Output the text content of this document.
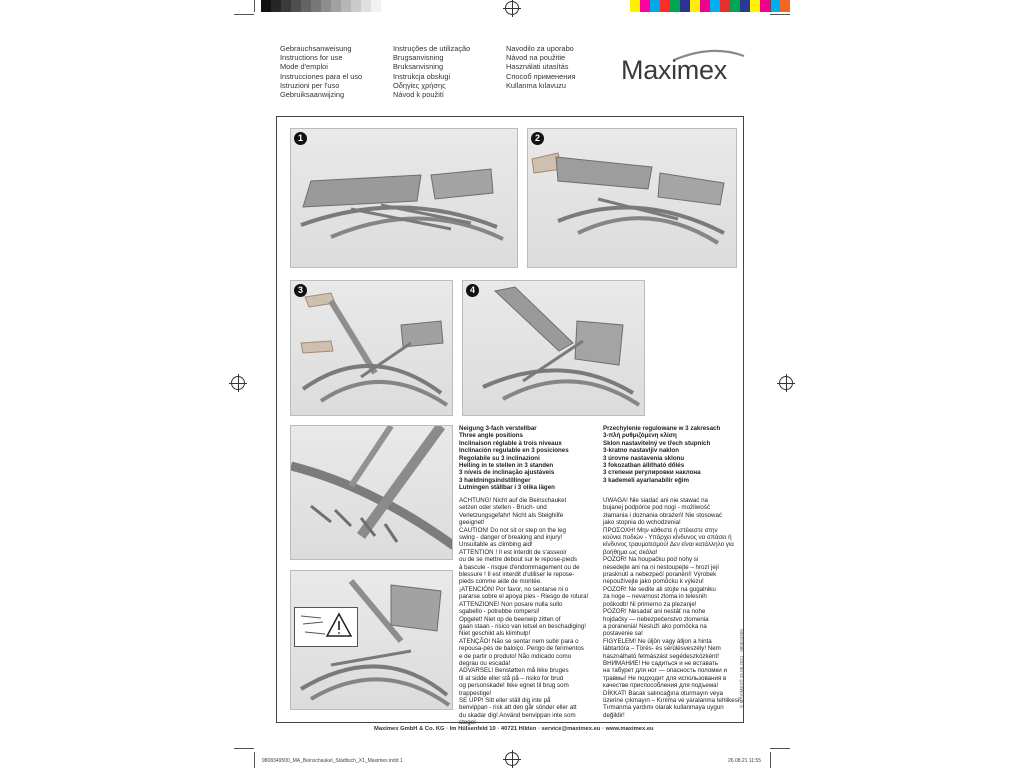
Gebrauchsanweisung
Instructions for use
Mode d'emploi
Instrucciones para el uso
Istruzioni per l'uso
Gebruiksaanwijzing
Instruções de utilização
Brugsanvisning
Bruksanvisning
Instrukcja obsługi
Οδηγίες χρήσης
Návod k použití
Navodilo za uporabo
Návod na použitie
Használati utasítás
Способ применения
Kullanma kılavuzu
Maximex
1	2
3	4
Neigung 3-fach verstellbar
Three angle positions
Inclinaison réglable à trois niveaux
Inclinación regulable en 3 posiciones
Regolabile su 3 inclinazioni
Helling in te stellen in 3 standen
3 níveis de inclinação ajustáveis
3 hældningsindstillinger
Lutningen ställbar i 3 olika lägen
Przechylenie regulowane w 3 zakresach
3-πλή ρυθμιζόμενη κλίση
Sklon nastavitelný ve třech stupních
3-kratno nastavljiv naklon
3 úrovne nastavenia sklonu
3 fokozatban állítható dőlés
3 степени регулировки наклона
3 kademeli ayarlanabilir eğim
ACHTUNG! Nicht auf die Beinschaukel
setzen oder stellen - Bruch- und
Verletzungsgefahr! Nicht als Steighilfe
geeignet!
CAUTION! Do not sit or step on the leg
swing - danger of breaking and injury!
Unsuitable as climbing aid!
ATTENTION ! Il est interdit de s'asseoir
ou de se mettre debout sur le repose-pieds
à bascule - risque d'endommagement ou de
blessure ! Il est interdit d'utiliser le repose-
pieds comme aide de montée.
¡ATENCIÓN! Por favor, no sentarse ni o
pararse sobre el apoya pies - Riesgo de rotura!
ATTENZIONE! Non posare nulla sullo
sgabello - potrebbe rompersi!
Opgelet! Niet op de beenwip zitten of
gaan staan - risico van letsel en beschadiging!
Niet geschikt als klimhulp!
ATENÇÃO! Não se sentar nem subir para o
repousa-pés de baloiço. Perigo de ferimentos
e de partir o produto! Não indicado como
degrau ou escada!
ADVARSEL! Benstøtten må ikke bruges
til at sidde eller stå på – risiko for brud
og personskade! Ikke egnet til brug som
trappestige!
SE UPP! Sitt eller ställ dig inte på
benvippan - risk att den går sönder eller att
du skadar dig! Använd benvippan inte som
stege!
UWAGA! Nie siadać ani nie stawać na
bujanej podpórce pod nogi - możliwość
złamania i doznania obrażeń! Nie stosować
jako stopnia do wchodzenia!
ΠΡΟΣΟΧΗ! Μην κάθεστε ή στέκεστε στην
κούνια ποδιών - Υπάρχει κίνδυνος να σπάσει ή
κίνδυνος τραυματισμού! Δεν είναι κατάλληλο για
βοήθημα ως σκάλα!
POZOR! Na houpačku pod nohy si
nesedejte ani na ni nestoupejte – hrozí její
prasknutí a nebezpečí poranění! Výrobek
nepoužívejte jako pomůcku k výlezu!
POZOR! Ne sedite ali stojte na gugalniku
za noge – nevarnost zloma in telesnih
poškodb! Ni primerno za plezanje!
POZOR! Nesadať ani nestáť na nohe
hojdačky — nebezpečenstvo zlomenia
a poranenia! Nesluží ako pomôcka na
postavenie sa!
FIGYELEM! Ne üljön vagy álljon a hinta
lábtartóra – Törés- és sérülésveszély! Nem
használható felmászást segédeszközként!
ВНИМАНИЕ! Не садиться и не вставать
на табурет для ног — опасность поломки и
травмы! Не подходит для использования в
качестве приспособления для подъема!
DİKKAT! Bacak salıncağına oturmayın veya
üzerine çıkmayın – Kırılma ve yaralanma tehlikesi!
Tırmanma yardımı olarak kullanmaya uygun
değildir!
Maximex GmbH & Co. KG · Im Hülsenfeld 10 · 40721 Hilden · service@maximex.eu · www.maximex.eu
© MAXIMEX® 25.08.2021 · 980834950
9808349500_MA_Beinschaukel_Städtisch_X1_Maximex.indd 1	26.08.21 11:55
